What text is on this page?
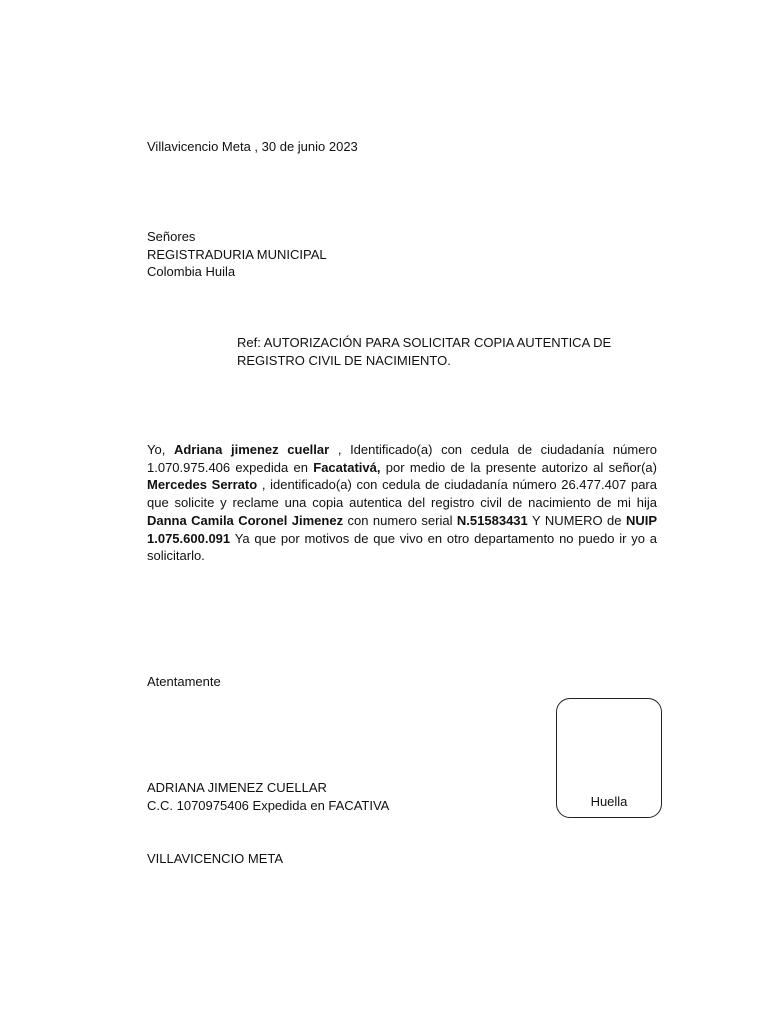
Villavicencio Meta , 30 de junio 2023
Señores
REGISTRADURIA MUNICIPAL
Colombia Huila
Ref: AUTORIZACIÓN PARA SOLICITAR COPIA AUTENTICA DE
REGISTRO CIVIL DE NACIMIENTO.
Yo, Adriana jimenez cuellar , Identificado(a) con cedula de ciudadanía número 1.070.975.406 expedida en Facatativá, por medio de la presente autorizo al señor(a) Mercedes Serrato , identificado(a) con cedula de ciudadanía número 26.477.407 para que solicite y reclame una copia autentica del registro civil de nacimiento de mi hija Danna Camila Coronel Jimenez con numero serial N.51583431 Y NUMERO de NUIP 1.075.600.091 Ya que por motivos de que vivo en otro departamento no puedo ir yo a solicitarlo.
Atentamente
Huella
ADRIANA JIMENEZ CUELLAR
C.C. 1070975406 Expedida en FACATIVA
VILLAVICENCIO META
